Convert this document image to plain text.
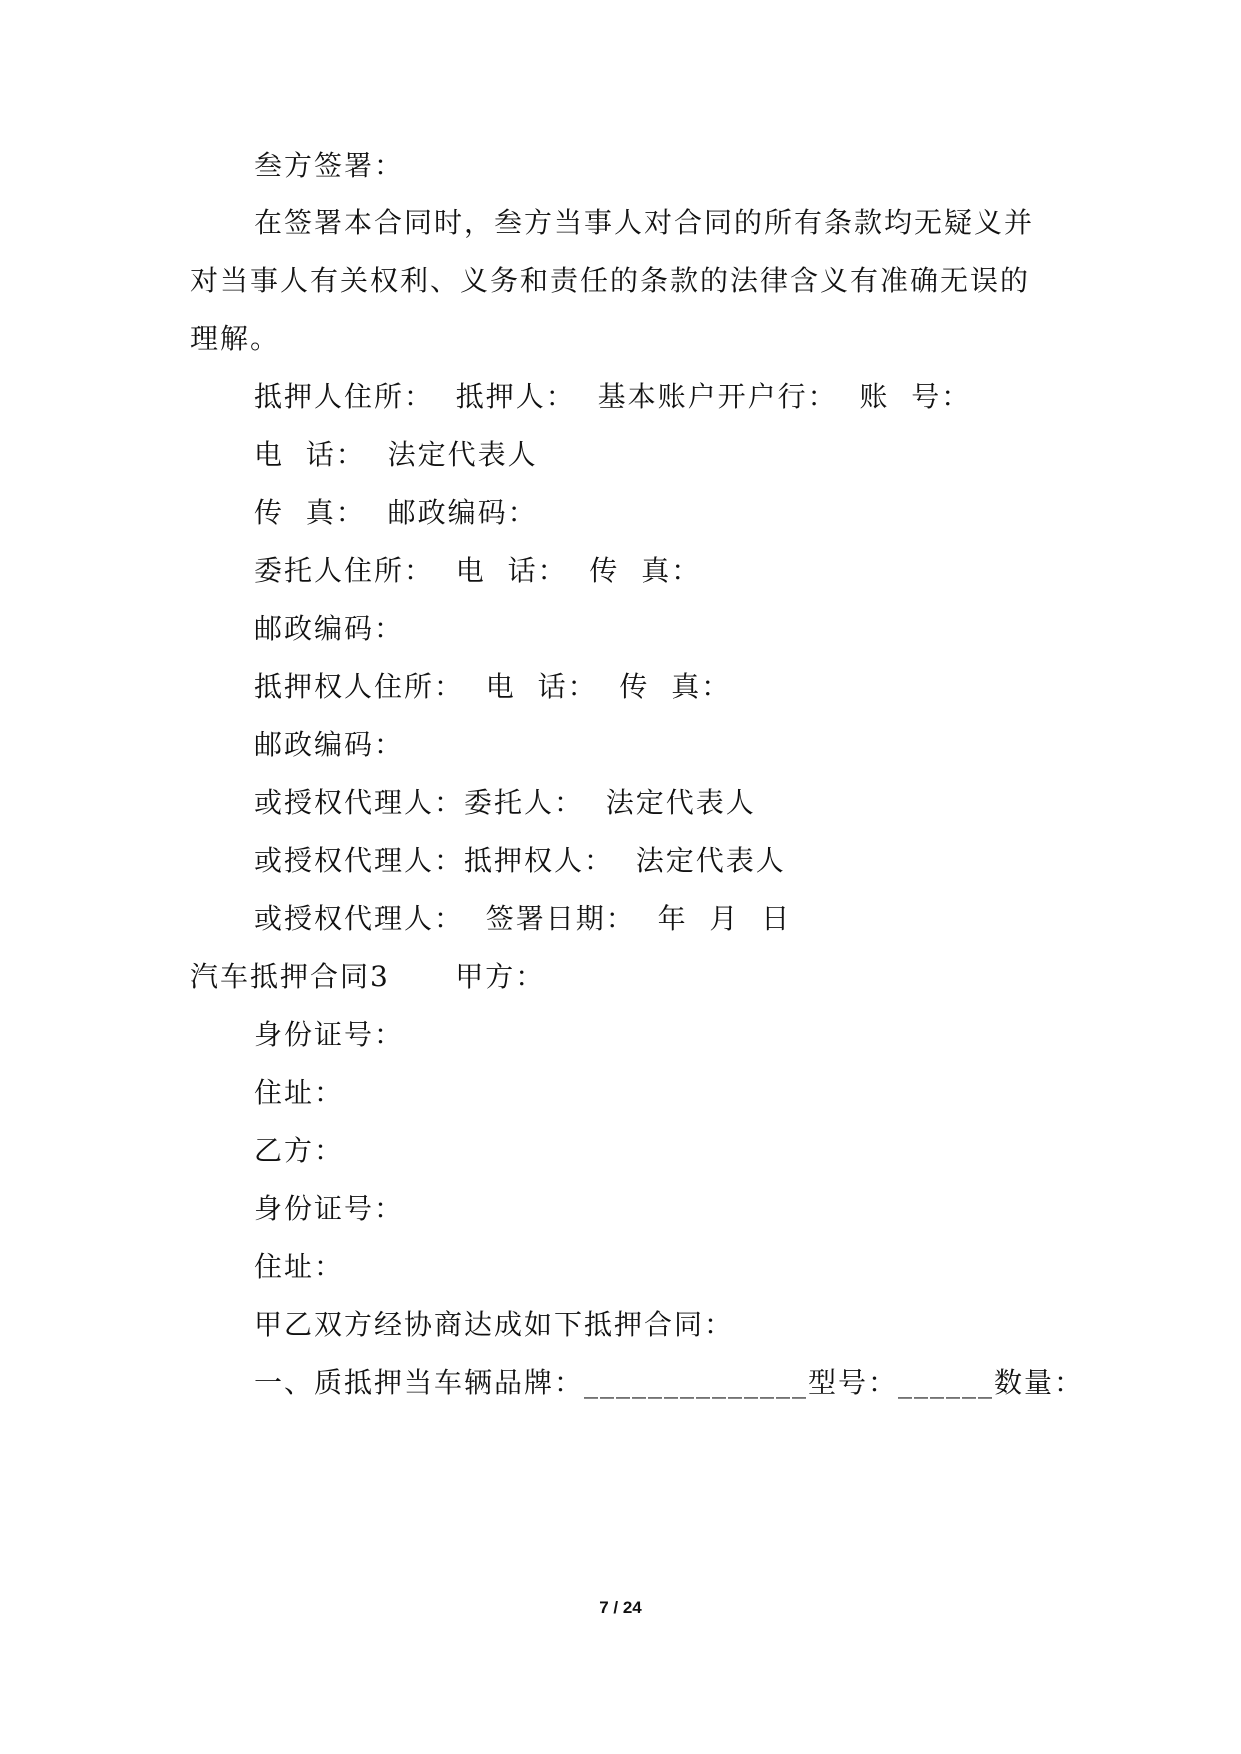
叁方签署：
在签署本合同时，叁方当事人对合同的所有条款均无疑义并
对当事人有关权利、义务和责任的条款的法律含义有准确无误的
理解。
抵押人住所：  抵押人：  基本账户开户行：  账  号：
电  话：  法定代表人
传  真：  邮政编码：
委托人住所：  电  话：  传  真：
邮政编码：
抵押权人住所：  电  话：  传  真：
邮政编码：
或授权代理人：委托人：  法定代表人
或授权代理人：抵押权人：  法定代表人
或授权代理人：  签署日期：  年  月  日
汽车抵押合同3      甲方：
身份证号：
住址：
乙方：
身份证号：
住址：
甲乙双方经协商达成如下抵押合同：
一、质抵押当车辆品牌：______________型号：______数量：
7 / 24
